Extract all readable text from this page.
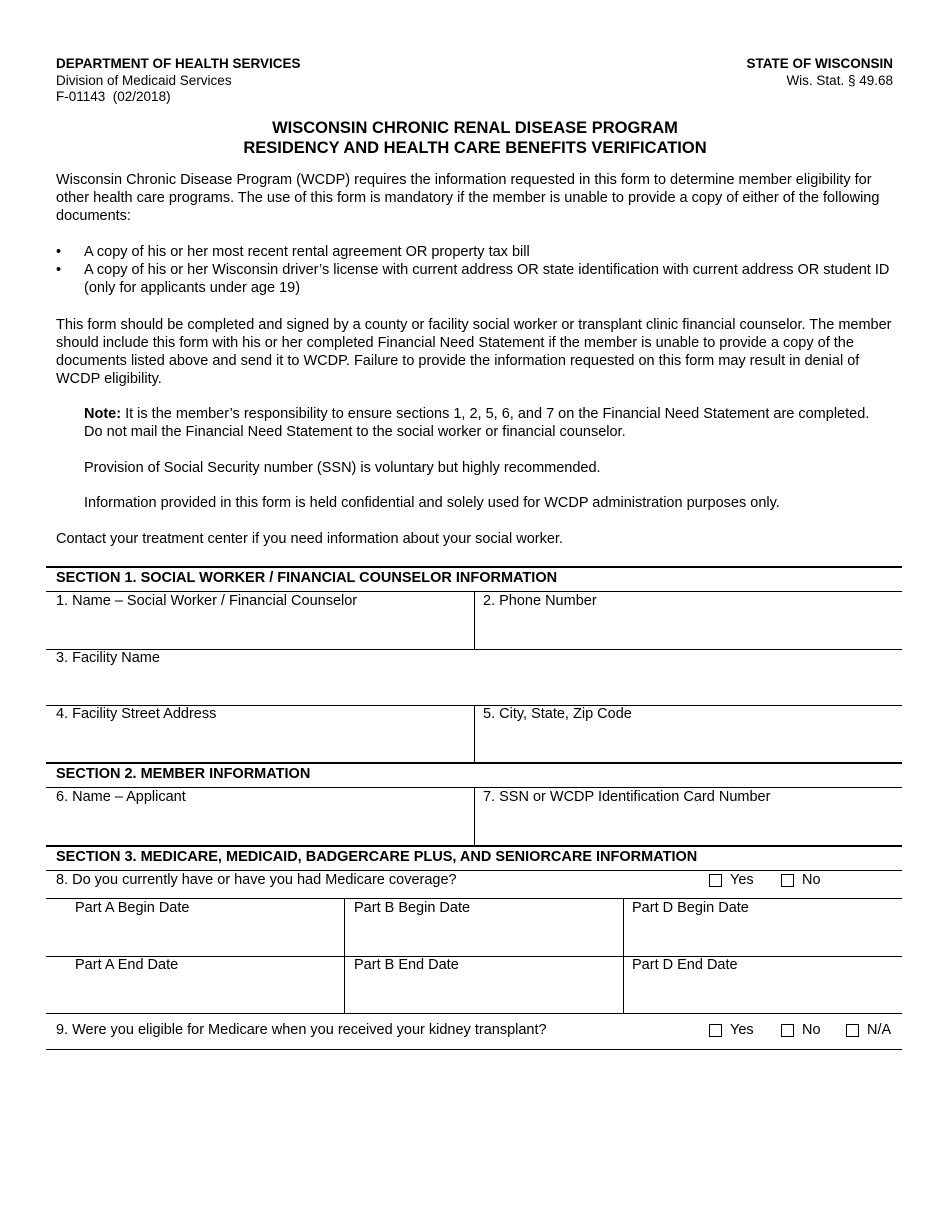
DEPARTMENT OF HEALTH SERVICES
Division of Medicaid Services
F-01143  (02/2018)
STATE OF WISCONSIN
Wis. Stat. § 49.68
WISCONSIN CHRONIC RENAL DISEASE PROGRAM
RESIDENCY AND HEALTH CARE BENEFITS VERIFICATION
Wisconsin Chronic Disease Program (WCDP) requires the information requested in this form to determine member eligibility for other health care programs. The use of this form is mandatory if the member is unable to provide a copy of either of the following documents:
• A copy of his or her most recent rental agreement OR property tax bill
• A copy of his or her Wisconsin driver’s license with current address OR state identification with current address OR student ID (only for applicants under age 19)
This form should be completed and signed by a county or facility social worker or transplant clinic financial counselor. The member should include this form with his or her completed Financial Need Statement if the member is unable to provide a copy of the documents listed above and send it to WCDP. Failure to provide the information requested on this form may result in denial of WCDP eligibility.
Note: It is the member’s responsibility to ensure sections 1, 2, 5, 6, and 7 on the Financial Need Statement are completed. Do not mail the Financial Need Statement to the social worker or financial counselor.
Provision of Social Security number (SSN) is voluntary but highly recommended.
Information provided in this form is held confidential and solely used for WCDP administration purposes only.
Contact your treatment center if you need information about your social worker.
SECTION 1. SOCIAL WORKER / FINANCIAL COUNSELOR INFORMATION
1. Name – Social Worker / Financial Counselor	2. Phone Number
3. Facility Name
4. Facility Street Address	5. City, State, Zip Code
SECTION 2. MEMBER INFORMATION
6. Name – Applicant	7. SSN or WCDP Identification Card Number
SECTION 3. MEDICARE, MEDICAID, BADGERCARE PLUS, AND SENIORCARE INFORMATION
8. Do you currently have or have you had Medicare coverage?	Yes	No
Part A Begin Date	Part B Begin Date	Part D Begin Date
Part A End Date	Part B End Date	Part D End Date
9. Were you eligible for Medicare when you received your kidney transplant?	Yes	No	N/A
